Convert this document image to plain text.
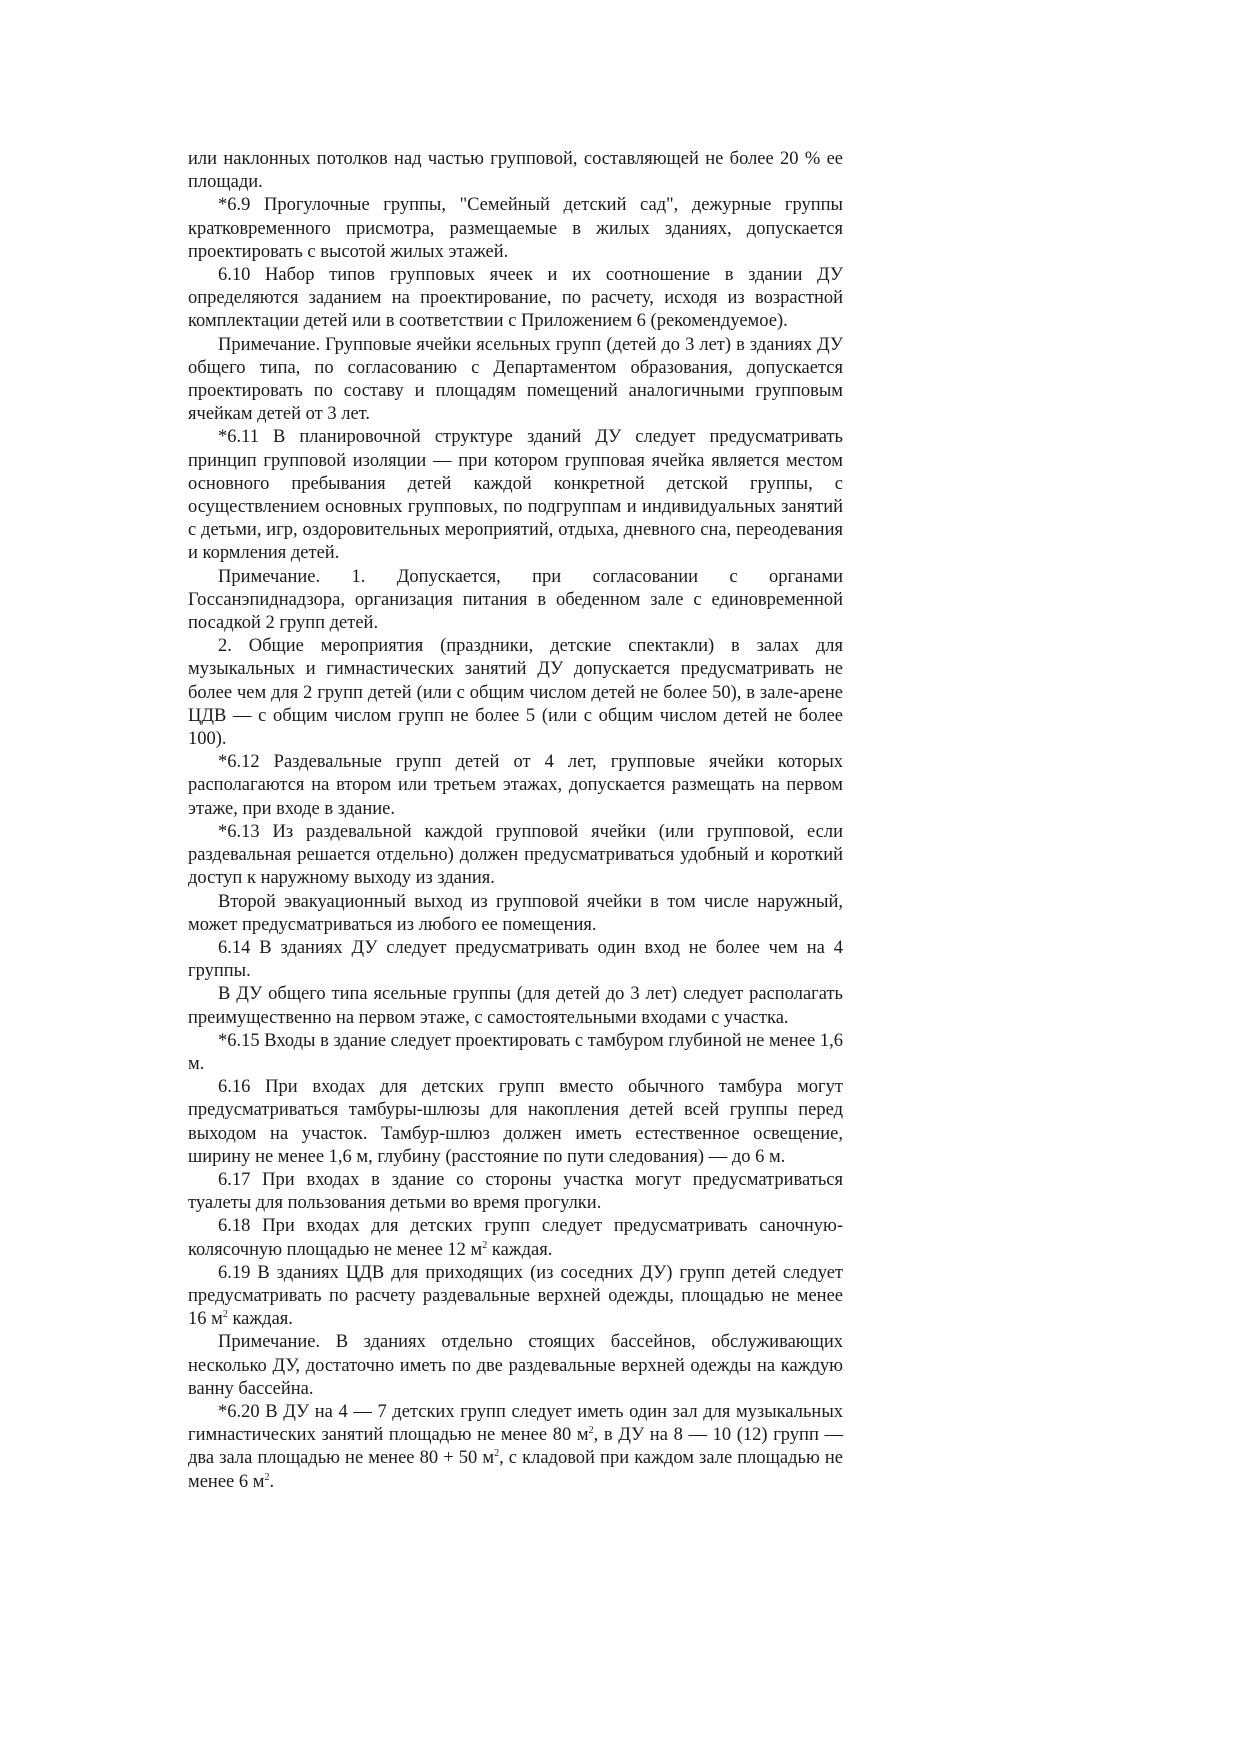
или наклонных потолков над частью групповой, составляющей не более 20 % ее площади.

*6.9 Прогулочные группы, "Семейный детский сад", дежурные группы кратковременного присмотра, размещаемые в жилых зданиях, допускается проектировать с высотой жилых этажей.

6.10 Набор типов групповых ячеек и их соотношение в здании ДУ определяются заданием на проектирование, по расчету, исходя из возрастной комплектации детей или в соответствии с Приложением 6 (рекомендуемое).

Примечание. Групповые ячейки ясельных групп (детей до 3 лет) в зданиях ДУ общего типа, по согласованию с Департаментом образования, допускается проектировать по составу и площадям помещений аналогичными групповым ячейкам детей от 3 лет.

*6.11 В планировочной структуре зданий ДУ следует предусматривать принцип групповой изоляции — при котором групповая ячейка является местом основного пребывания детей каждой конкретной детской группы, с осуществлением основных групповых, по подгруппам и индивидуальных занятий с детьми, игр, оздоровительных мероприятий, отдыха, дневного сна, переодевания и кормления детей.

Примечание. 1. Допускается, при согласовании с органами Госсанэпиднадзора, организация питания в обеденном зале с единовременной посадкой 2 групп детей.

2. Общие мероприятия (праздники, детские спектакли) в залах для музыкальных и гимнастических занятий ДУ допускается предусматривать не более чем для 2 групп детей (или с общим числом детей не более 50), в зале-арене ЦДВ — с общим числом групп не более 5 (или с общим числом детей не более 100).

*6.12 Раздевальные групп детей от 4 лет, групповые ячейки которых располагаются на втором или третьем этажах, допускается размещать на первом этаже, при входе в здание.

*6.13 Из раздевальной каждой групповой ячейки (или групповой, если раздевальная решается отдельно) должен предусматриваться удобный и короткий доступ к наружному выходу из здания.

Второй эвакуационный выход из групповой ячейки в том числе наружный, может предусматриваться из любого ее помещения.

6.14 В зданиях ДУ следует предусматривать один вход не более чем на 4 группы.

В ДУ общего типа ясельные группы (для детей до 3 лет) следует располагать преимущественно на первом этаже, с самостоятельными входами с участка.

*6.15 Входы в здание следует проектировать с тамбуром глубиной не менее 1,6 м.

6.16 При входах для детских групп вместо обычного тамбура могут предусматриваться тамбуры-шлюзы для накопления детей всей группы перед выходом на участок. Тамбур-шлюз должен иметь естественное освещение, ширину не менее 1,6 м, глубину (расстояние по пути следования) — до 6 м.

6.17 При входах в здание со стороны участка могут предусматриваться туалеты для пользования детьми во время прогулки.

6.18 При входах для детских групп следует предусматривать саночную-колясочную площадью не менее 12 $м^2$ каждая.

6.19 В зданиях ЦДВ для приходящих (из соседних ДУ) групп детей следует предусматривать по расчету раздевальные верхней одежды, площадью не менее 16 $м^2$ каждая.

Примечание. В зданиях отдельно стоящих бассейнов, обслуживающих несколько ДУ, достаточно иметь по две раздевальные верхней одежды на каждую ванну бассейна.

*6.20 В ДУ на 4 — 7 детских групп следует иметь один зал для музыкальных гимнастических занятий площадью не менее 80 $м^2$, в ДУ на 8 — 10 (12) групп — два зала площадью не менее 80 + 50 $м^2$, с кладовой при каждом зале площадью не менее 6 $м^2$.
